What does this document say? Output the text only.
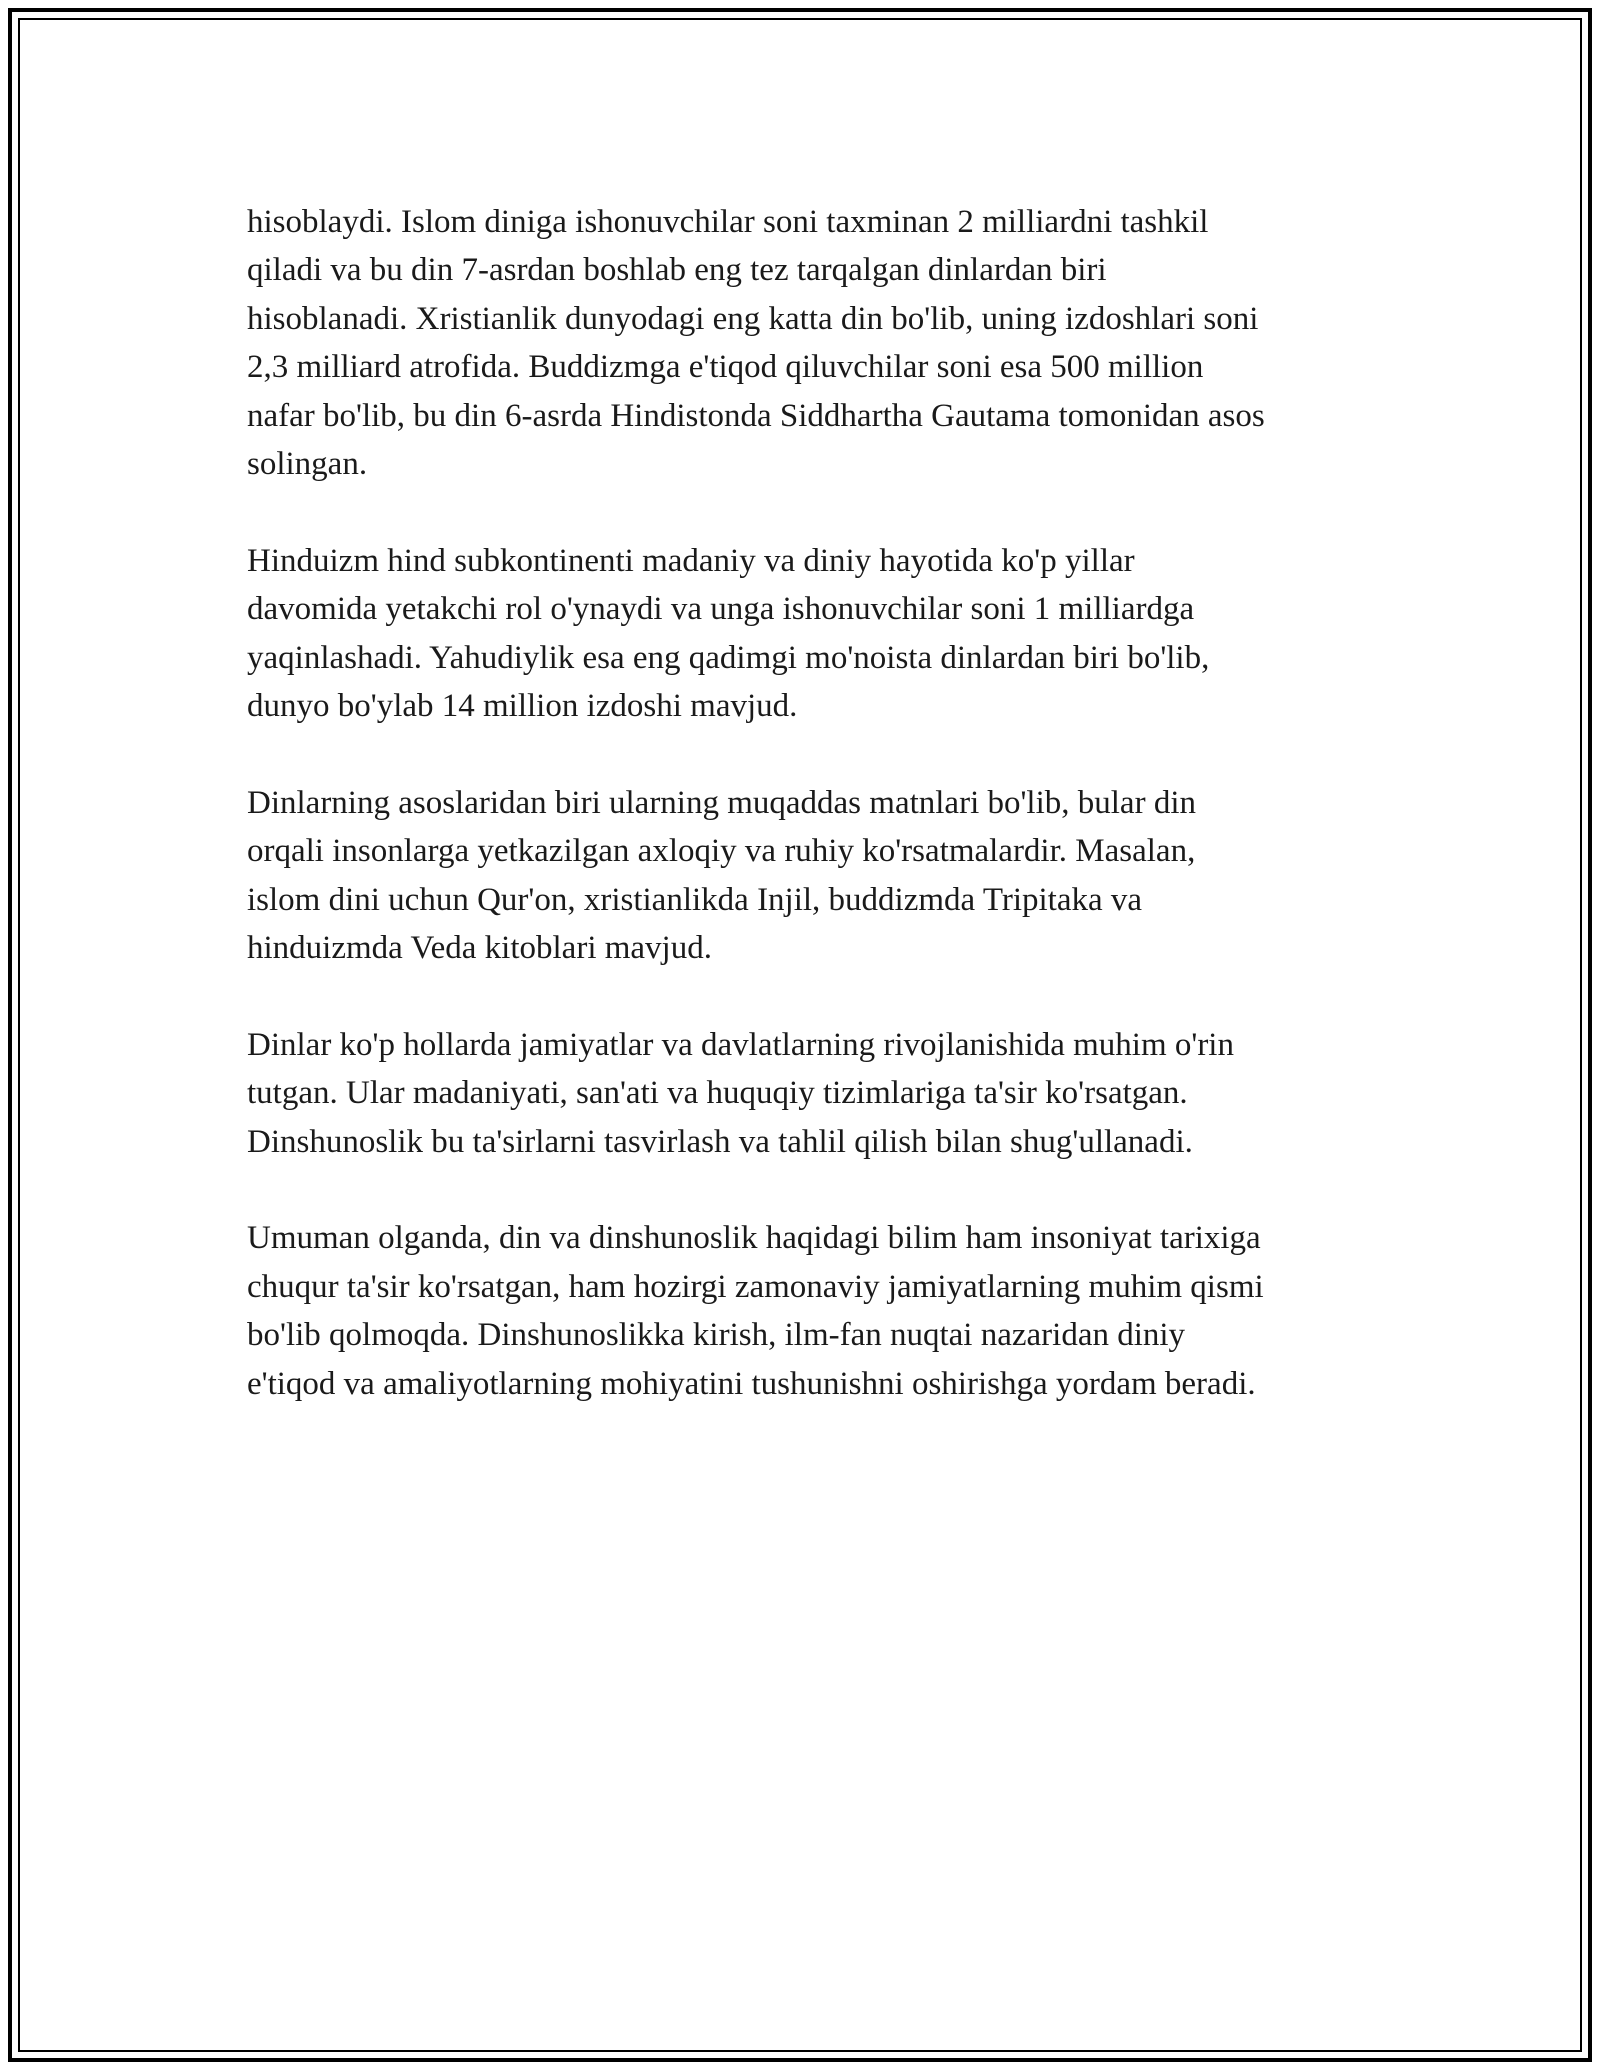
hisoblaydi. Islom diniga ishonuvchilar soni taxminan 2 milliardni tashkil
qiladi va bu din 7-asrdan boshlab eng tez tarqalgan dinlardan biri
hisoblanadi. Xristianlik dunyodagi eng katta din bo'lib, uning izdoshlari soni
2,3 milliard atrofida. Buddizmga e'tiqod qiluvchilar soni esa 500 million
nafar bo'lib, bu din 6-asrda Hindistonda Siddhartha Gautama tomonidan asos
solingan.

Hinduizm hind subkontinenti madaniy va diniy hayotida ko'p yillar
davomida yetakchi rol o'ynaydi va unga ishonuvchilar soni 1 milliardga
yaqinlashadi. Yahudiylik esa eng qadimgi mo'noista dinlardan biri bo'lib,
dunyo bo'ylab 14 million izdoshi mavjud.

Dinlarning asoslaridan biri ularning muqaddas matnlari bo'lib, bular din
orqali insonlarga yetkazilgan axloqiy va ruhiy ko'rsatmalardir. Masalan,
islom dini uchun Qur'on, xristianlikda Injil, buddizmda Tripitaka va
hinduizmda Veda kitoblari mavjud.

Dinlar ko'p hollarda jamiyatlar va davlatlarning rivojlanishida muhim o'rin
tutgan. Ular madaniyati, san'ati va huquqiy tizimlariga ta'sir ko'rsatgan.
Dinshunoslik bu ta'sirlarni tasvirlash va tahlil qilish bilan shug'ullanadi.

Umuman olganda, din va dinshunoslik haqidagi bilim ham insoniyat tarixiga
chuqur ta'sir ko'rsatgan, ham hozirgi zamonaviy jamiyatlarning muhim qismi
bo'lib qolmoqda. Dinshunoslikka kirish, ilm-fan nuqtai nazaridan diniy
e'tiqod va amaliyotlarning mohiyatini tushunishni oshirishga yordam beradi.
